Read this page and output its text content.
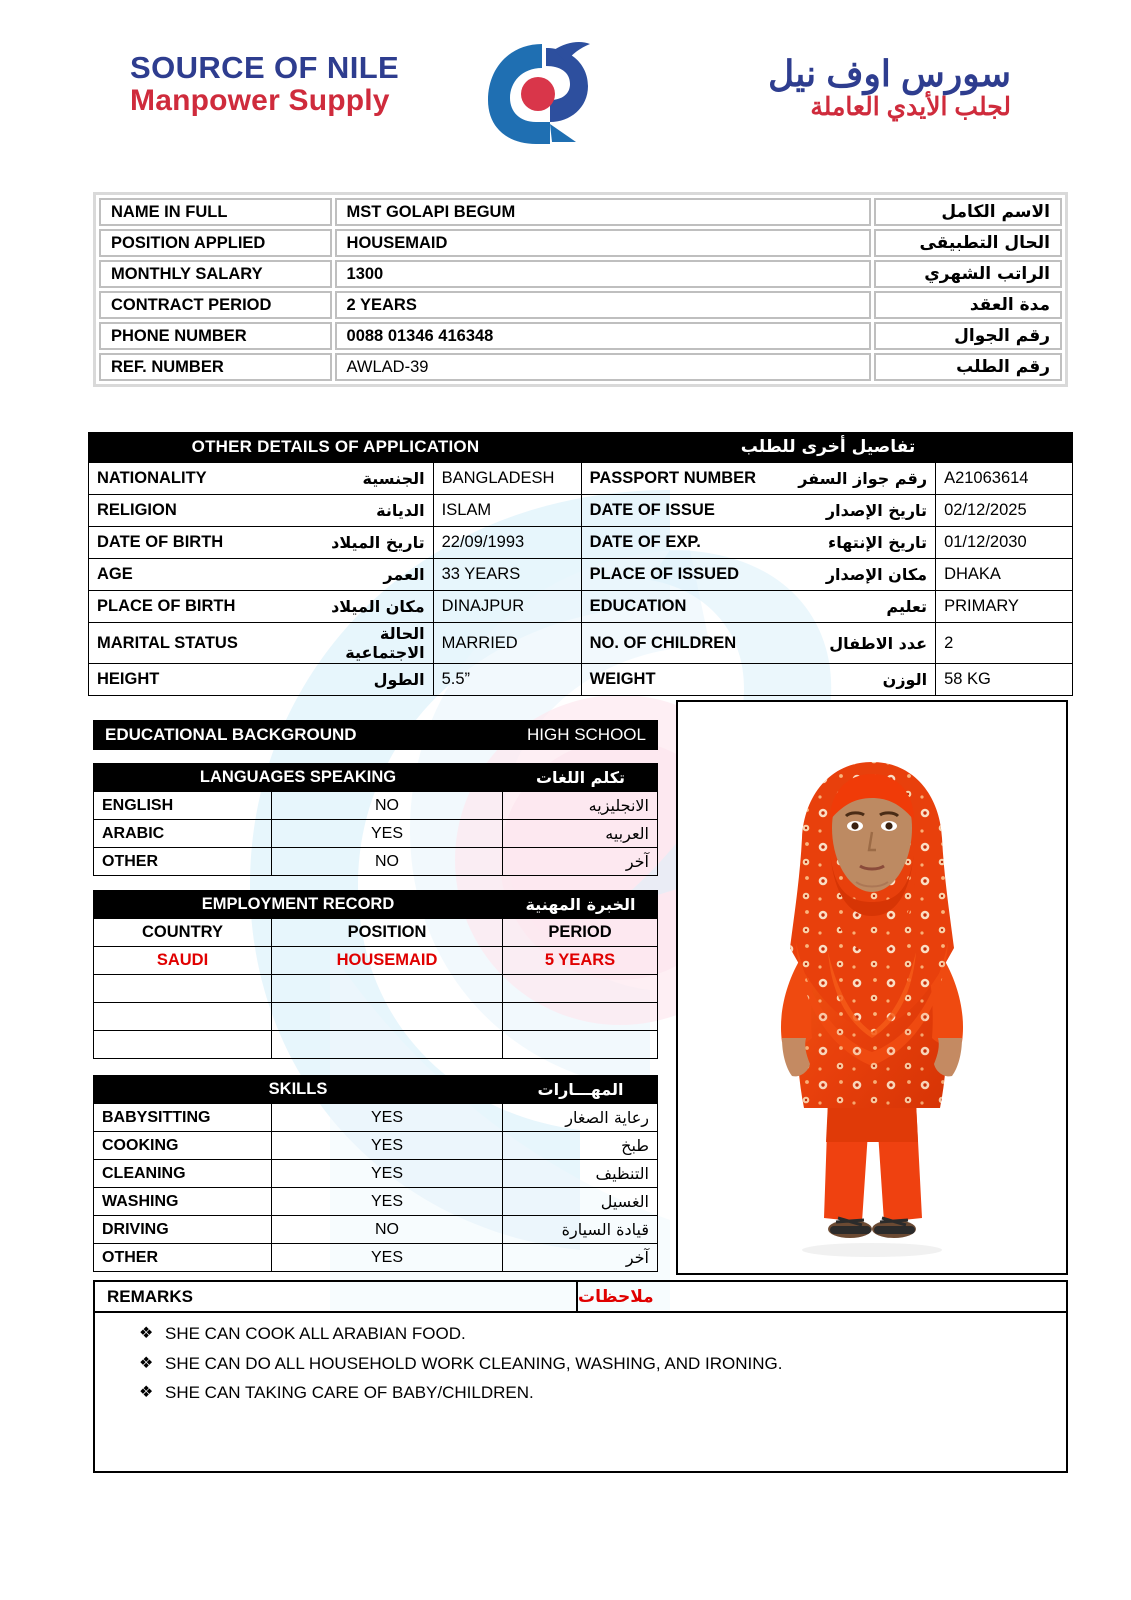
SOURCE OF NILE
Manpower Supply
سورس اوف نيل
لجلب الأيدي العاملة
NAME IN FULL	MST GOLAPI BEGUM	الاسم الكامل
POSITION APPLIED	HOUSEMAID	الحال التطبيقى
MONTHLY SALARY	1300	الراتب الشهري
CONTRACT PERIOD	2 YEARS	مدة العقد
PHONE NUMBER	0088 01346 416348	رقم الجوال
REF. NUMBER	AWLAD-39	رقم الطلب
OTHER DETAILS OF APPLICATION	تفاصيل أخرى للطلب
NATIONALITY	الجنسية	BANGLADESH	PASSPORT NUMBER	رقم جواز السفر	A21063614
RELIGION	الديانة	ISLAM	DATE OF ISSUE	تاريخ الإصدار	02/12/2025
DATE OF BIRTH	تاريخ الميلاد	22/09/1993	DATE OF EXP.	تاريخ الإنتهاء	01/12/2030
AGE	العمر	33 YEARS	PLACE OF ISSUED	مكان الإصدار	DHAKA
PLACE OF BIRTH	مكان الميلاد	DINAJPUR	EDUCATION	تعليم	PRIMARY
MARITAL STATUS	الحالة الاجتماعية	MARRIED	NO. OF CHILDREN	عدد الاطفال	2
HEIGHT	الطول	5.5”	WEIGHT	الوزن	58 KG
EDUCATIONAL BACKGROUND	HIGH SCHOOL
LANGUAGES SPEAKING	تكلم اللغات
ENGLISH	NO	الانجليزيه
ARABIC	YES	العربيه
OTHER	NO	آخر
EMPLOYMENT RECORD	الخبرة المهنية
COUNTRY	POSITION	PERIOD
SAUDI	HOUSEMAID	5 YEARS

SKILLS	المهـــارات
BABYSITTING	YES	رعاية الصغار
COOKING	YES	طبخ
CLEANING	YES	التنظيف
WASHING	YES	الغسيل
DRIVING	NO	قيادة السيارة
OTHER	YES	آخر
REMARKS	ملاحظات
❖ SHE CAN COOK ALL ARABIAN FOOD.
❖ SHE CAN DO ALL HOUSEHOLD WORK CLEANING, WASHING, AND IRONING.
❖ SHE CAN TAKING CARE OF BABY/CHILDREN.
